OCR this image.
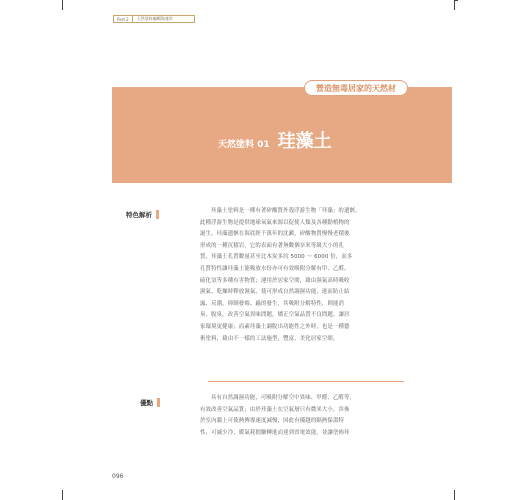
Part 2	天然塗料編輯與運用
營造無毒居家的天然材
天然塗料 01 珪藻土
特色解析	珪藻土塗料是一種有著矽酸質外殼浮游生物「珪藻」的遺骸，

此種浮游生物是提供地球氧氣來源以促使人類及各種動植物的

誕生，珪藻遺骸在海底經千萬年的沈澱，矽酸物質慢慢老積後

形成的一種沉積岩，它的表面有著無數個奈米等級大小的孔

質，珪藻土孔質數量甚至比木炭多約 5000 ～ 6000 倍，而多

孔質特性讓珪藻土能吸放水份亦可有效吸附分解有甲、乙醛、

硫化氫等多種有害物質；運用於居家空間，藉由濕氣高時吸收

濕氣、乾燥時釋放濕氣，使可形成自然調濕功能，進而防止結

露、反潮，抑制發霉、蟲的發生，其吸附分解特性，則能消

臭、脫臭，改善空氣異味問題，矯正空氣品質不良問題，讓居

家環境更健康；而素珪藻土調脫出功能性之外時，也是一種藝

術塗料，藉由不一樣的工法施型，豐富、美化居家空間。

優點

具有自然調濕功能，可吸附分解空中異味、甲醛、乙醛等，

有效改善空氣品質；由於珪藻土在空氣層只有微米大小，涉佈

於室內牆上可使熱傳導速度減慢，因此有優越的隔熱保溫特

性，可減少冷、暖氣耗損賺轉進而達到省電效能，並讓塗佈珪

096
